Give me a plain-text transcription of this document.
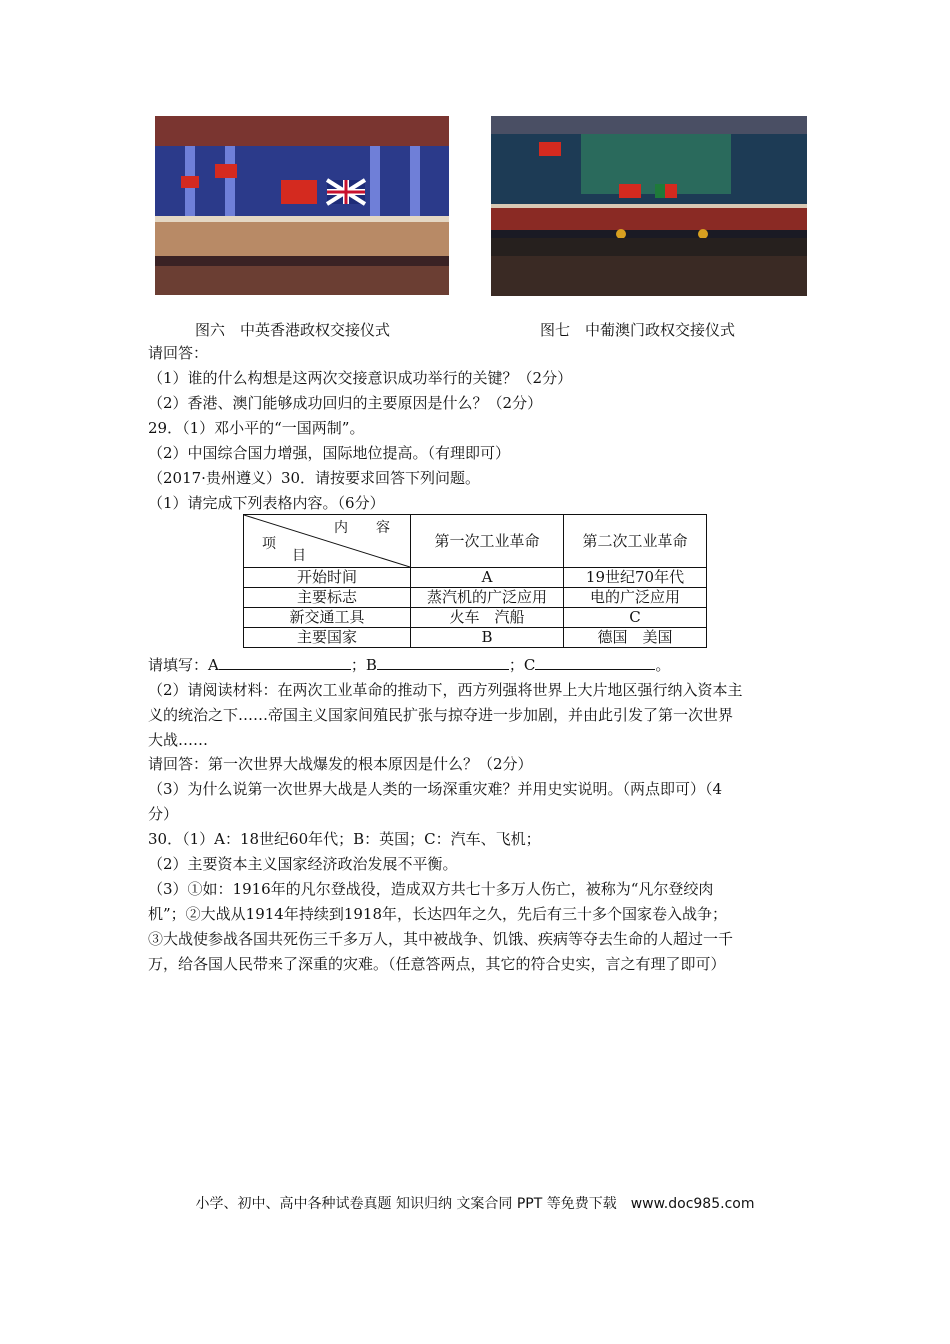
图六　中英香港政权交接仪式	图七　中葡澳门政权交接仪式
请回答：
（1）谁的什么构想是这两次交接意识成功举行的关键？（2分）
（2）香港、澳门能够成功回归的主要原因是什么？（2分）
29．（1）邓小平的“一国两制”。
（2）中国综合国力增强，国际地位提高。（有理即可）
（2017·贵州遵义）30．请按要求回答下列问题。
（1）请完成下列表格内容。（6分）
内　　容
项
目	第一次工业革命	第二次工业革命
开始时间	A	19世纪70年代
主要标志	蒸汽机的广泛应用	电的广泛应用
新交通工具	火车　汽船	C
主要国家	B	德国　美国
请填写：A	；B	；C	。
（2）请阅读材料：在两次工业革命的推动下，西方列强将世界上大片地区强行纳入资本主
义的统治之下……帝国主义国家间殖民扩张与掠夺进一步加剧，并由此引发了第一次世界
大战……
请回答：第一次世界大战爆发的根本原因是什么？（2分）
（3）为什么说第一次世界大战是人类的一场深重灾难？并用史实说明。（两点即可）（4
分）
30．（1）A：18世纪60年代；B：英国；C：汽车、飞机；
（2）主要资本主义国家经济政治发展不平衡。
（3）①如：1916年的凡尔登战役，造成双方共七十多万人伤亡，被称为“凡尔登绞肉
机”；②大战从1914年持续到1918年，长达四年之久，先后有三十多个国家卷入战争；
③大战使参战各国共死伤三千多万人，其中被战争、饥饿、疾病等夺去生命的人超过一千
万，给各国人民带来了深重的灾难。（任意答两点，其它的符合史实，言之有理了即可）
小学、初中、高中各种试卷真题 知识归纳 文案合同 PPT 等免费下载　www.doc985.com
